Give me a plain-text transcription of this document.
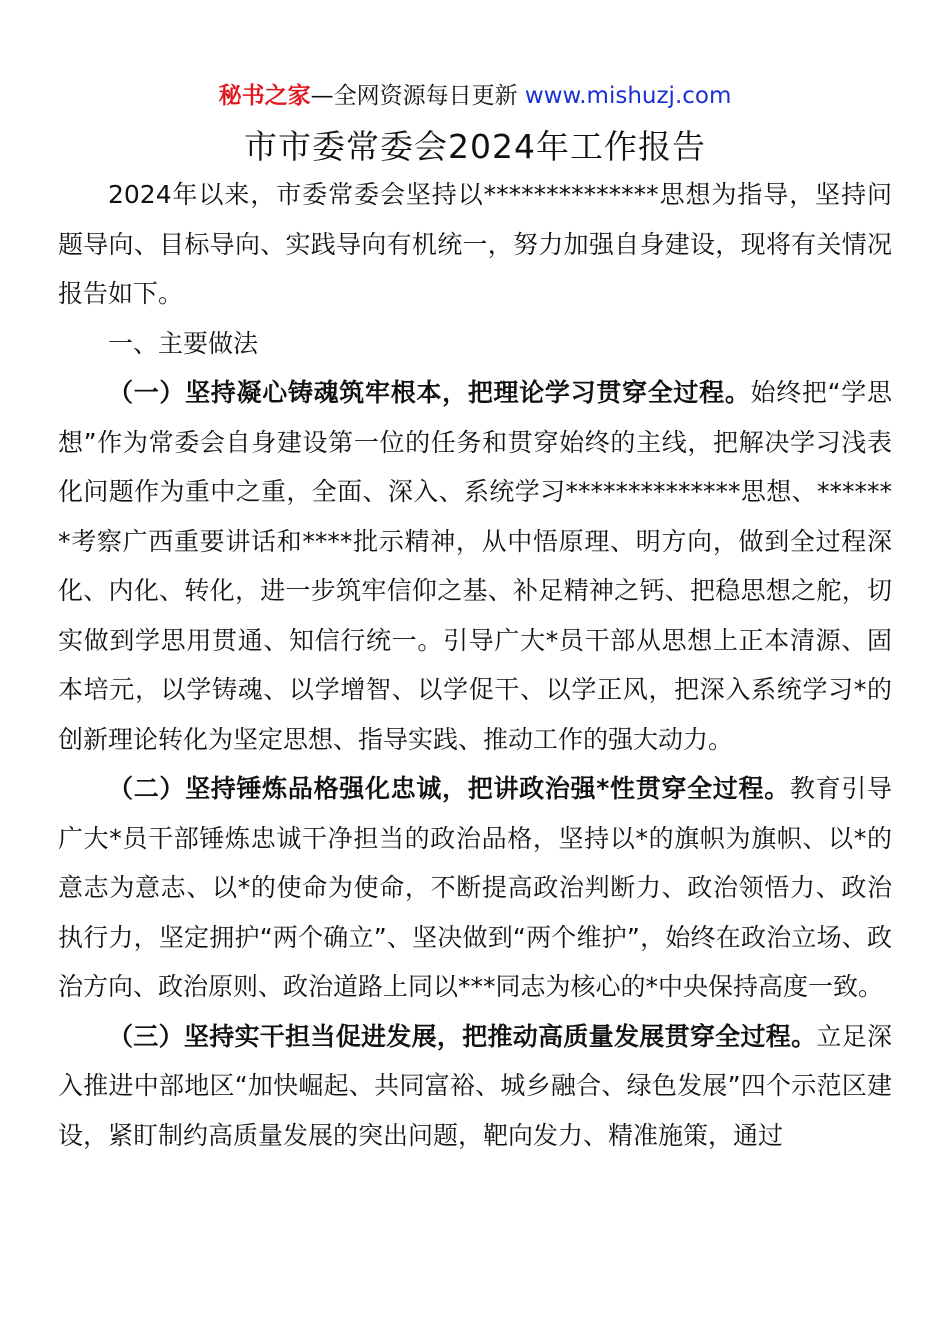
秘书之家—全网资源每日更新 www.mishuzj.com
市市委常委会2024年工作报告

2024年以来，市委常委会坚持以**************思想为指导，坚持问题导向、目标导向、实践导向有机统一，努力加强自身建设，现将有关情况报告如下。

一、主要做法

（一）坚持凝心铸魂筑牢根本，把理论学习贯穿全过程。始终把“学思想”作为常委会自身建设第一位的任务和贯穿始终的主线，把解决学习浅表化问题作为重中之重，全面、深入、系统学习**************思想、*******考察广西重要讲话和****批示精神，从中悟原理、明方向，做到全过程深化、内化、转化，进一步筑牢信仰之基、补足精神之钙、把稳思想之舵，切实做到学思用贯通、知信行统一。引导广大*员干部从思想上正本清源、固本培元，以学铸魂、以学增智、以学促干、以学正风，把深入系统学习*的创新理论转化为坚定思想、指导实践、推动工作的强大动力。

（二）坚持锤炼品格强化忠诚，把讲政治强*性贯穿全过程。教育引导广大*员干部锤炼忠诚干净担当的政治品格，坚持以*的旗帜为旗帜、以*的意志为意志、以*的使命为使命，不断提高政治判断力、政治领悟力、政治执行力，坚定拥护“两个确立”、坚决做到“两个维护”，始终在政治立场、政治方向、政治原则、政治道路上同以***同志为核心的*中央保持高度一致。

（三）坚持实干担当促进发展，把推动高质量发展贯穿全过程。立足深入推进中部地区“加快崛起、共同富裕、城乡融合、绿色发展”四个示范区建设，紧盯制约高质量发展的突出问题，靶向发力、精准施策，通过
